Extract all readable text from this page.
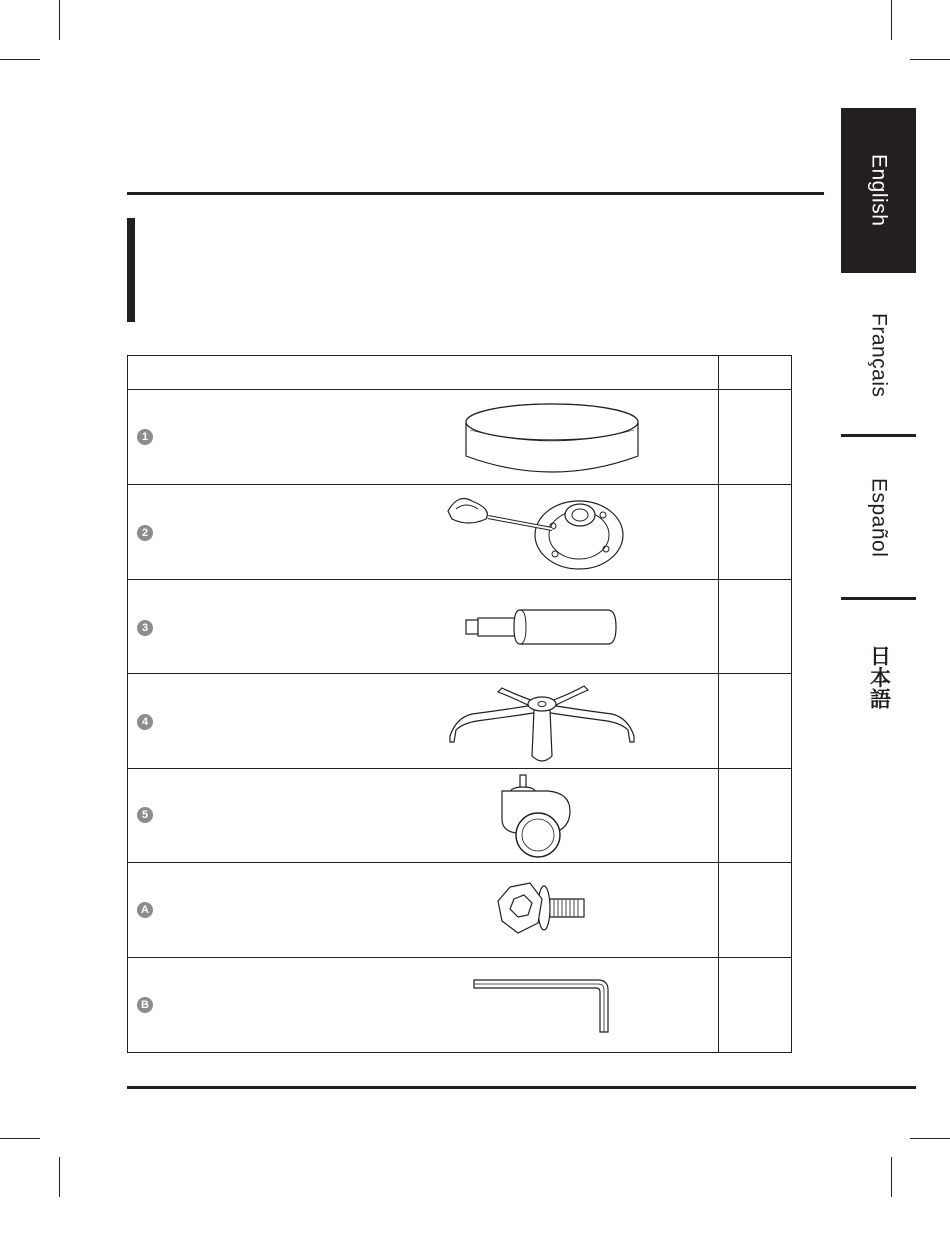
English
Français
Español
日本語

1	

2	

3	

4	

5	

A	

B	
